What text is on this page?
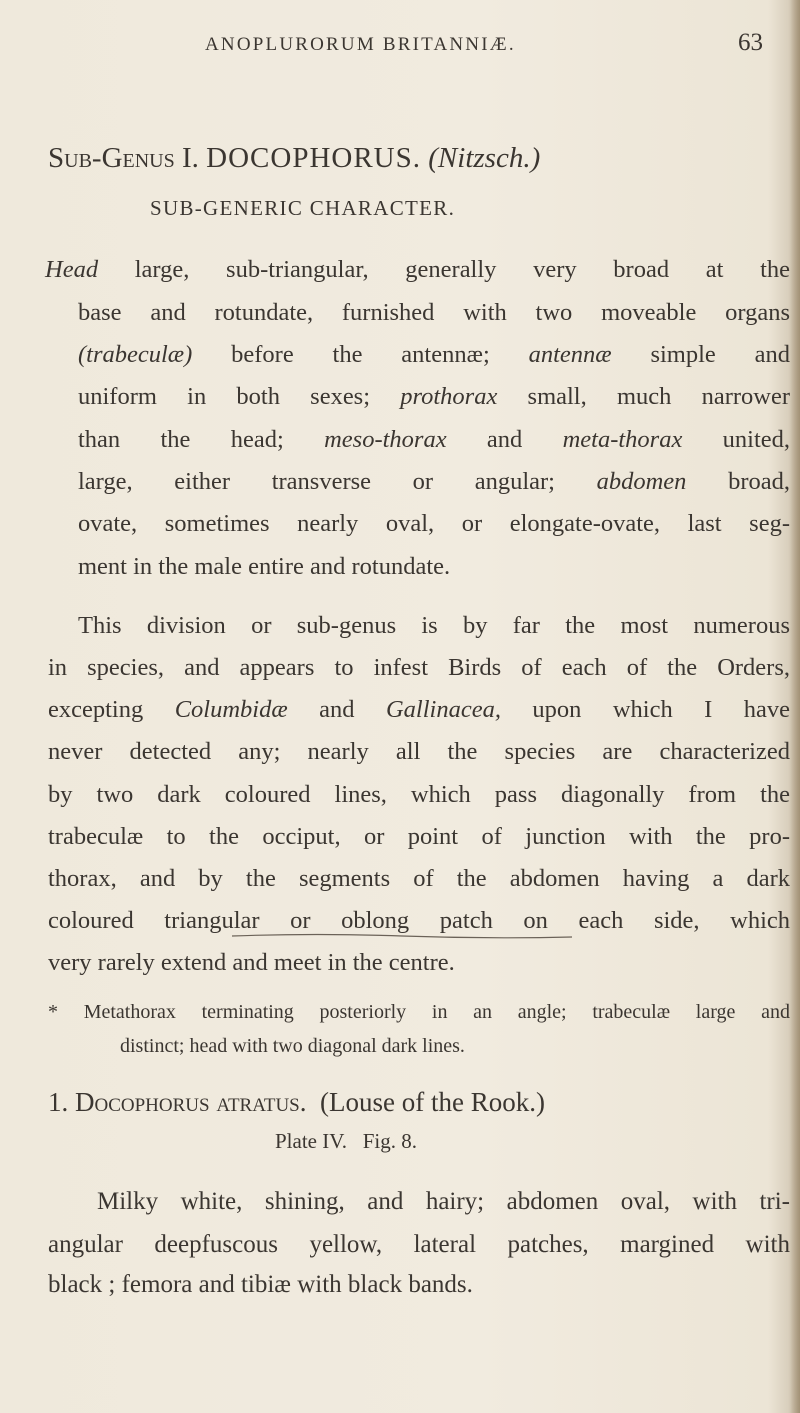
ANOPLURORUM BRITANNIÆ.	63
Sub-Genus I. DOCOPHORUS. (Nitzsch.)
SUB-GENERIC CHARACTER.
Head large, sub-triangular, generally very broad at the
base and rotundate, furnished with two moveable organs
(trabeculæ) before the antennæ; antennæ simple and
uniform in both sexes; prothorax small, much narrower
than the head; meso-thorax and meta-thorax united,
large, either transverse or angular; abdomen broad,
ovate, sometimes nearly oval, or elongate-ovate, last seg-
ment in the male entire and rotundate.
This division or sub-genus is by far the most numerous
in species, and appears to infest Birds of each of the Orders,
excepting Columbidæ and Gallinacea, upon which I have
never detected any; nearly all the species are characterized
by two dark coloured lines, which pass diagonally from the
trabeculæ to the occiput, or point of junction with the pro-
thorax, and by the segments of the abdomen having a dark
coloured triangular or oblong patch on each side, which
very rarely extend and meet in the centre.
* Metathorax terminating posteriorly in an angle; trabeculæ large and
distinct; head with two diagonal dark lines.
Milky white, shining, and hairy; abdomen oval, with tri-
angular deepfuscous yellow, lateral patches, margined with
black ; femora and tibiæ with black bands.
1. Docophorus atratus. (Louse of the Rook.)
Plate IV.   Fig. 8.
